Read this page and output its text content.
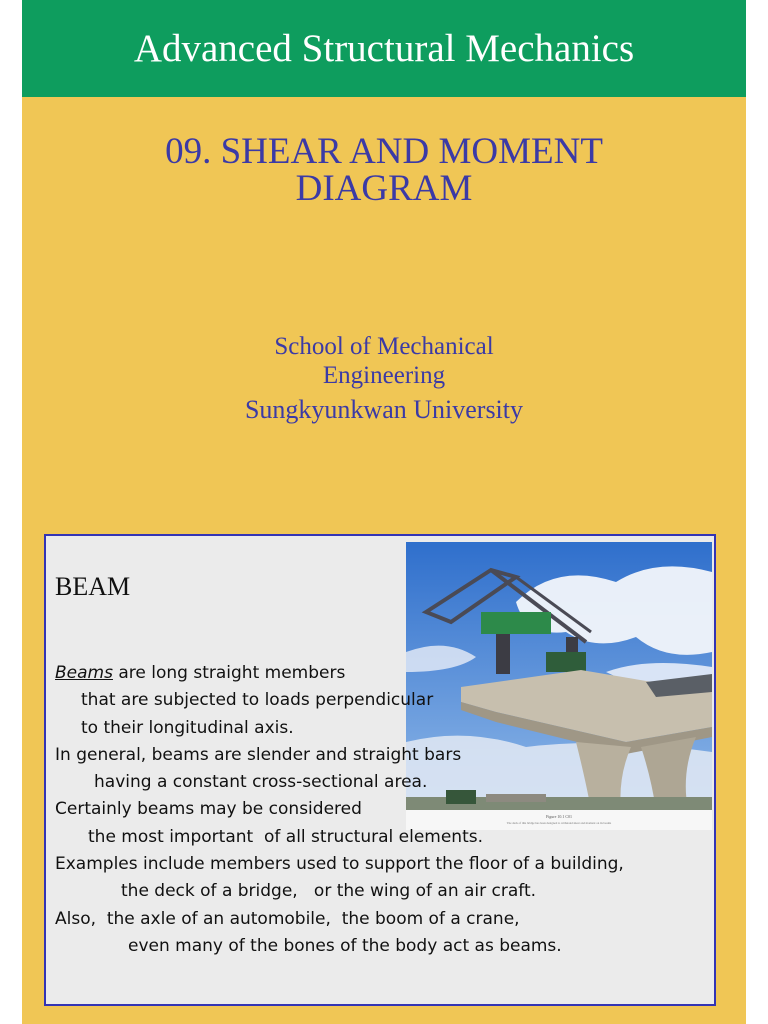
Advanced Structural Mechanics
09. SHEAR AND MOMENT
DIAGRAM
School of Mechanical
Engineering
Sungkyunkwan University
BEAM
Figure 10.1 C01
The deck of this bridge has been designed to withstand shear and moment on its beams
Beams are long straight members
that are subjected to loads perpendicular
to their longitudinal axis.
In general, beams are slender and straight bars
having a constant cross-sectional area.
Certainly beams may be considered
the most important  of all structural elements.
Examples include members used to support the floor of a building,
the deck of a bridge,   or the wing of an air craft.
Also,  the axle of an automobile,  the boom of a crane,
even many of the bones of the body act as beams.
